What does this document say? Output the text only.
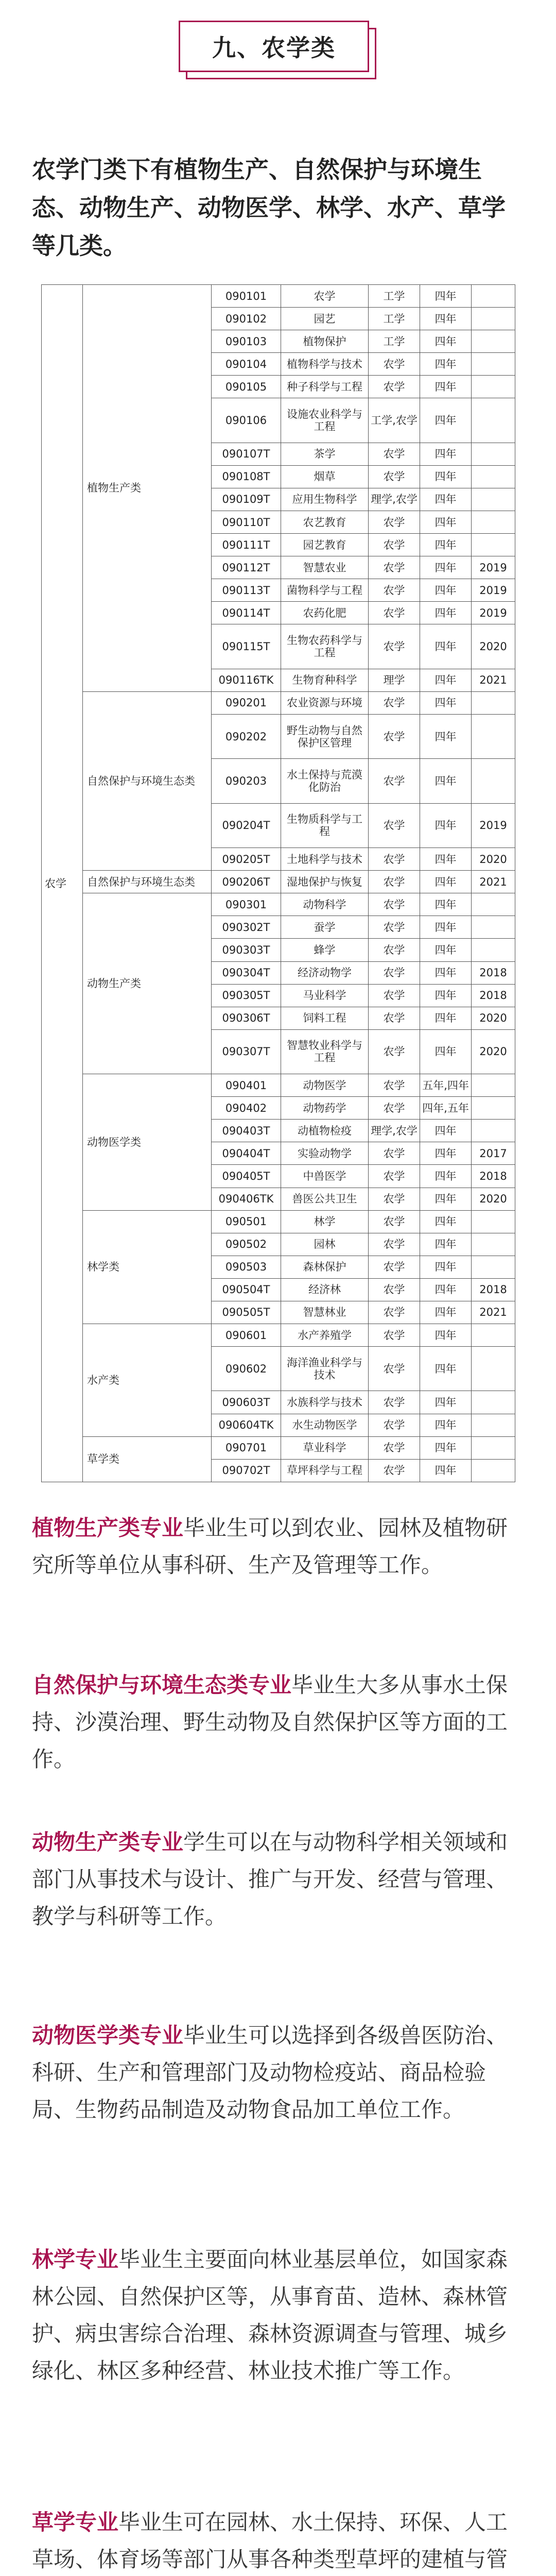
九、农学类
农学门类下有植物生产、自然保护与环境生态、动物生产、动物医学、林学、水产、草学等几类。
农学	植物生产类	090101	农学	工学	四年	
		090102	园艺	工学	四年	
		090103	植物保护	工学	四年	
		090104	植物科学与技术	农学	四年	
		090105	种子科学与工程	农学	四年	
		090106	设施农业科学与工程	工学,农学	四年	
		090107T	茶学	农学	四年	
		090108T	烟草	农学	四年	
		090109T	应用生物科学	理学,农学	四年	
		090110T	农艺教育	农学	四年	
		090111T	园艺教育	农学	四年	
		090112T	智慧农业	农学	四年	2019
		090113T	菌物科学与工程	农学	四年	2019
		090114T	农药化肥	农学	四年	2019
		090115T	生物农药科学与工程	农学	四年	2020
		090116TK	生物育种科学	理学	四年	2021
	自然保护与环境生态类	090201	农业资源与环境	农学	四年	
		090202	野生动物与自然保护区管理	农学	四年	
		090203	水土保持与荒漠化防治	农学	四年	
		090204T	生物质科学与工程	农学	四年	2019
		090205T	土地科学与技术	农学	四年	2020
	自然保护与环境生态类	090206T	湿地保护与恢复	农学	四年	2021
	动物生产类	090301	动物科学	农学	四年	
		090302T	蚕学	农学	四年	
		090303T	蜂学	农学	四年	
		090304T	经济动物学	农学	四年	2018
		090305T	马业科学	农学	四年	2018
		090306T	饲料工程	农学	四年	2020
		090307T	智慧牧业科学与工程	农学	四年	2020
	动物医学类	090401	动物医学	农学	五年,四年	
		090402	动物药学	农学	四年,五年	
		090403T	动植物检疫	理学,农学	四年	
		090404T	实验动物学	农学	四年	2017
		090405T	中兽医学	农学	四年	2018
		090406TK	兽医公共卫生	农学	四年	2020
	林学类	090501	林学	农学	四年	
		090502	园林	农学	四年	
		090503	森林保护	农学	四年	
		090504T	经济林	农学	四年	2018
		090505T	智慧林业	农学	四年	2021
	水产类	090601	水产养殖学	农学	四年	
		090602	海洋渔业科学与技术	农学	四年	
		090603T	水族科学与技术	农学	四年	
		090604TK	水生动物医学	农学	四年	
	草学类	090701	草业科学	农学	四年	
		090702T	草坪科学与工程	农学	四年	
植物生产类专业毕业生可以到农业、园林及植物研究所等单位从事科研、生产及管理等工作。
自然保护与环境生态类专业毕业生大多从事水土保持、沙漠治理、野生动物及自然保护区等方面的工作。
动物生产类专业学生可以在与动物科学相关领域和部门从事技术与设计、推广与开发、经营与管理、教学与科研等工作。
动物医学类专业毕业生可以选择到各级兽医防治、科研、生产和管理部门及动物检疫站、商品检验局、生物药品制造及动物食品加工单位工作。
林学专业毕业生主要面向林业基层单位，如国家森林公园、自然保护区等，从事育苗、造林、森林管护、病虫害综合治理、森林资源调查与管理、城乡绿化、林区多种经营、林业技术推广等工作。
草学专业毕业生可在园林、水土保持、环保、人工草场、体育场等部门从事各种类型草坪的建植与管
